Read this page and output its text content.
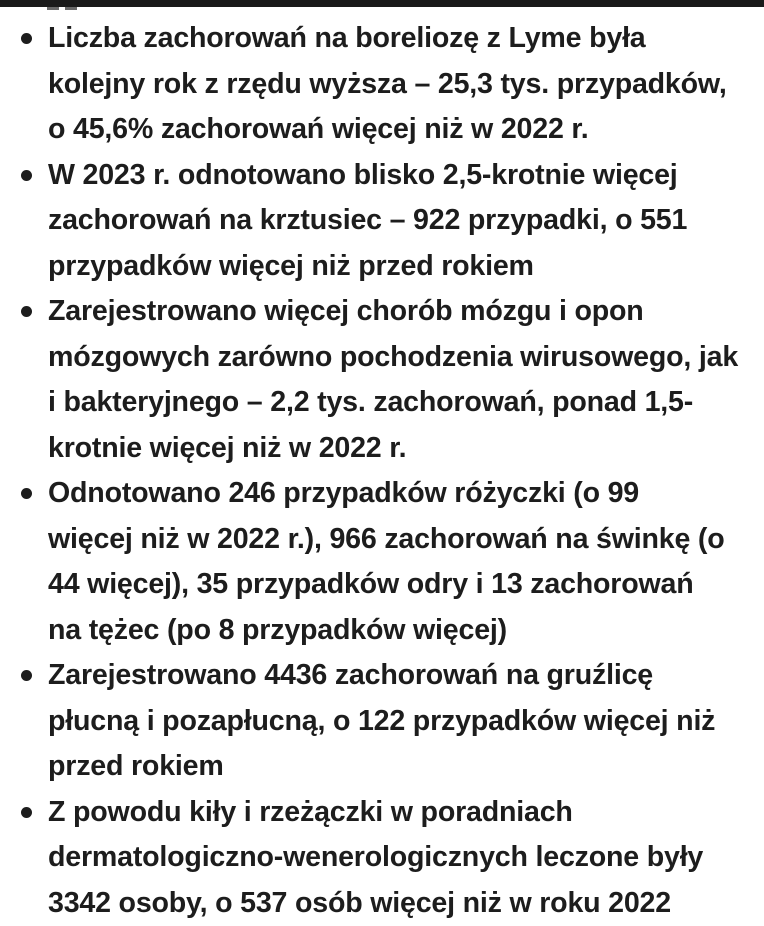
Liczba zachorowań na boreliozę z Lyme była
kolejny rok z rzędu wyższa – 25,3 tys. przypadków,
o 45,6% zachorowań więcej niż w 2022 r.
W 2023 r. odnotowano blisko 2,5-krotnie więcej
zachorowań na krztusiec – 922 przypadki, o 551
przypadków więcej niż przed rokiem
Zarejestrowano więcej chorób mózgu i opon
mózgowych zarówno pochodzenia wirusowego, jak
i bakteryjnego – 2,2 tys. zachorowań, ponad 1,5-
krotnie więcej niż w 2022 r.
Odnotowano 246 przypadków różyczki (o 99
więcej niż w 2022 r.), 966 zachorowań na świnkę (o
44 więcej), 35 przypadków odry i 13 zachorowań
na tężec (po 8 przypadków więcej)
Zarejestrowano 4436 zachorowań na gruźlicę
płucną i pozapłucną, o 122 przypadków więcej niż
przed rokiem
Z powodu kiły i rzeżączki w poradniach
dermatologiczno-wenerologicznych leczone były
3342 osoby, o 537 osób więcej niż w roku 2022
